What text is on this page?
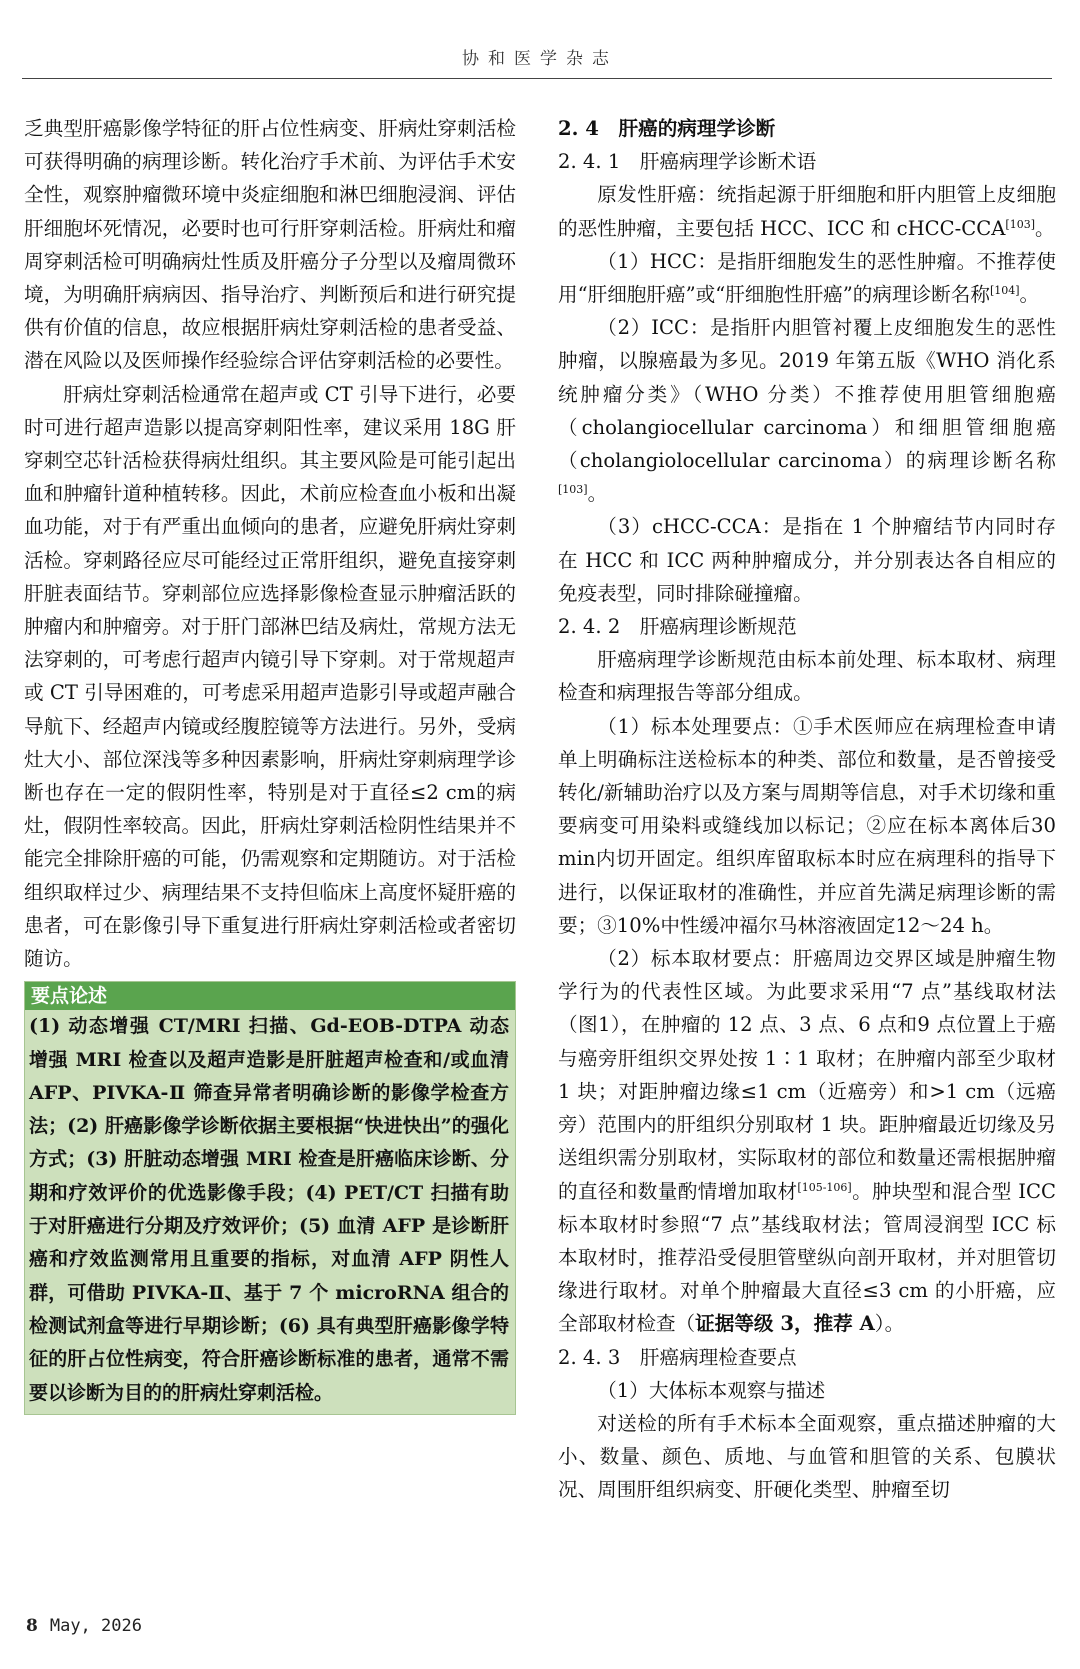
协和医学杂志

乏典型肝癌影像学特征的肝占位性病变、肝病灶穿刺活检可获得明确的病理诊断。转化治疗手术前、为评估手术安全性，观察肿瘤微环境中炎症细胞和淋巴细胞浸润、评估肝细胞坏死情况，必要时也可行肝穿刺活检。肝病灶和瘤周穿刺活检可明确病灶性质及肝癌分子分型以及瘤周微环境，为明确肝病病因、指导治疗、判断预后和进行研究提供有价值的信息，故应根据肝病灶穿刺活检的患者受益、潜在风险以及医师操作经验综合评估穿刺活检的必要性。

肝病灶穿刺活检通常在超声或 CT 引导下进行，必要时可进行超声造影以提高穿刺阳性率，建议采用 18G 肝穿刺空芯针活检获得病灶组织。其主要风险是可能引起出血和肿瘤针道种植转移。因此，术前应检查血小板和出凝血功能，对于有严重出血倾向的患者，应避免肝病灶穿刺活检。穿刺路径应尽可能经过正常肝组织，避免直接穿刺肝脏表面结节。穿刺部位应选择影像检查显示肿瘤活跃的肿瘤内和肿瘤旁。对于肝门部淋巴结及病灶，常规方法无法穿刺的，可考虑行超声内镜引导下穿刺。对于常规超声或 CT 引导困难的，可考虑采用超声造影引导或超声融合导航下、经超声内镜或经腹腔镜等方法进行。另外，受病灶大小、部位深浅等多种因素影响，肝病灶穿刺病理学诊断也存在一定的假阴性率，特别是对于直径≤2 cm的病灶，假阴性率较高。因此，肝病灶穿刺活检阴性结果并不能完全排除肝癌的可能，仍需观察和定期随访。对于活检组织取样过少、病理结果不支持但临床上高度怀疑肝癌的患者，可在影像引导下重复进行肝病灶穿刺活检或者密切随访。

要点论述
(1) 动态增强 CT/MRI 扫描、Gd-EOB-DTPA 动态增强 MRI 检查以及超声造影是肝脏超声检查和/或血清 AFP、PIVKA-Ⅱ 筛查异常者明确诊断的影像学检查方法；(2) 肝癌影像学诊断依据主要根据“快进快出”的强化方式；(3) 肝脏动态增强 MRI 检查是肝癌临床诊断、分期和疗效评价的优选影像手段；(4) PET/CT 扫描有助于对肝癌进行分期及疗效评价；(5) 血清 AFP 是诊断肝癌和疗效监测常用且重要的指标，对血清 AFP 阴性人群，可借助 PIVKA-Ⅱ、基于 7 个 microRNA 组合的检测试剂盒等进行早期诊断；(6) 具有典型肝癌影像学特征的肝占位性病变，符合肝癌诊断标准的患者，通常不需要以诊断为目的的肝病灶穿刺活检。

2. 4　肝癌的病理学诊断

2. 4. 1　肝癌病理学诊断术语

原发性肝癌：统指起源于肝细胞和肝内胆管上皮细胞的恶性肿瘤，主要包括 HCC、ICC 和 cHCC-CCA[103]。

（1）HCC：是指肝细胞发生的恶性肿瘤。不推荐使用“肝细胞肝癌”或“肝细胞性肝癌”的病理诊断名称[104]。

（2）ICC：是指肝内胆管衬覆上皮细胞发生的恶性肿瘤，以腺癌最为多见。2019 年第五版《WHO 消化系统肿瘤分类》（WHO 分类）不推荐使用胆管细胞癌（cholangiocellular carcinoma）和细胆管细胞癌（cholangiolocellular carcinoma）的病理诊断名称[103]。

（3）cHCC-CCA：是指在 1 个肿瘤结节内同时存在 HCC 和 ICC 两种肿瘤成分，并分别表达各自相应的免疫表型，同时排除碰撞瘤。

2. 4. 2　肝癌病理诊断规范

肝癌病理学诊断规范由标本前处理、标本取材、病理检查和病理报告等部分组成。

（1）标本处理要点：①手术医师应在病理检查申请单上明确标注送检标本的种类、部位和数量，是否曾接受转化/新辅助治疗以及方案与周期等信息，对手术切缘和重要病变可用染料或缝线加以标记；②应在标本离体后30 min内切开固定。组织库留取标本时应在病理科的指导下进行，以保证取材的准确性，并应首先满足病理诊断的需要；③10%中性缓冲福尔马林溶液固定12～24 h。

（2）标本取材要点：肝癌周边交界区域是肿瘤生物学行为的代表性区域。为此要求采用“7 点”基线取材法（图1），在肿瘤的 12 点、3 点、6 点和9 点位置上于癌与癌旁肝组织交界处按 1∶1 取材；在肿瘤内部至少取材 1 块；对距肿瘤边缘≤1 cm（近癌旁）和>1 cm（远癌旁）范围内的肝组织分别取材 1 块。距肿瘤最近切缘及另送组织需分别取材，实际取材的部位和数量还需根据肿瘤的直径和数量酌情增加取材[105-106]。肿块型和混合型 ICC 标本取材时参照“7 点”基线取材法；管周浸润型 ICC 标本取材时，推荐沿受侵胆管壁纵向剖开取材，并对胆管切缘进行取材。对单个肿瘤最大直径≤3 cm 的小肝癌，应全部取材检查（证据等级 3，推荐 A）。

2. 4. 3　肝癌病理检查要点

（1）大体标本观察与描述

对送检的所有手术标本全面观察，重点描述肿瘤的大小、数量、颜色、质地、与血管和胆管的关系、包膜状况、周围肝组织病变、肝硬化类型、肿瘤至切

8 May, 2026
